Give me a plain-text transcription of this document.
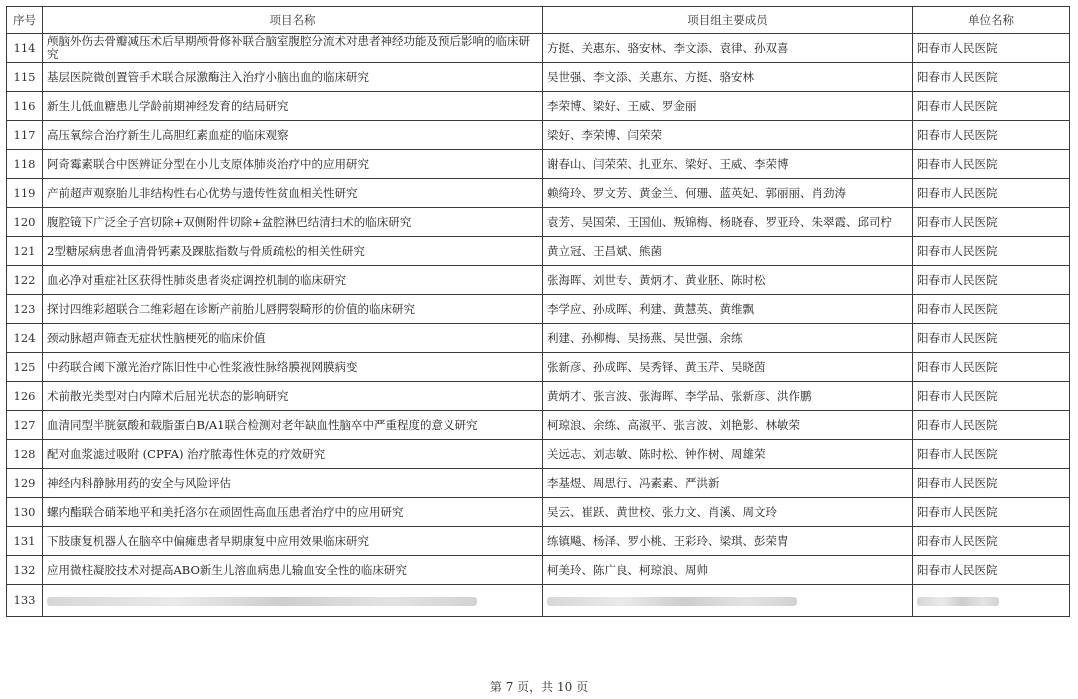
序号	项目名称	项目组主要成员	单位名称
114	颅脑外伤去骨瓣减压术后早期颅骨修补联合脑室腹腔分流术对患者神经功能及预后影响的临床研究	方挺、关惠东、骆安林、李文添、袁律、孙双喜	阳春市人民医院
115	基层医院微创置管手术联合尿激酶注入治疗小脑出血的临床研究	吴世强、李文添、关惠东、方挺、骆安林	阳春市人民医院
116	新生儿低血糖患儿学龄前期神经发育的结局研究	李荣博、梁好、王威、罗金丽	阳春市人民医院
117	高压氧综合治疗新生儿高胆红素血症的临床观察	梁好、李荣博、闫荣荣	阳春市人民医院
118	阿奇霉素联合中医辨证分型在小儿支原体肺炎治疗中的应用研究	谢春山、闫荣荣、扎亚东、梁好、王威、李荣博	阳春市人民医院
119	产前超声观察胎儿非结构性右心优势与遗传性贫血相关性研究	赖绮玲、罗文芳、黄金兰、何珊、蓝英妃、郭丽丽、肖劲涛	阳春市人民医院
120	腹腔镜下广泛全子宫切除+双侧附件切除+盆腔淋巴结清扫术的临床研究	袁芳、吴国荣、王国仙、叛锦梅、杨晓春、罗亚玲、朱翠霞、邱司柠	阳春市人民医院
121	2型糖尿病患者血清骨钙素及踝肱指数与骨质疏松的相关性研究	黄立冠、王昌斌、熊菌	阳春市人民医院
122	血必净对重症社区获得性肺炎患者炎症调控机制的临床研究	张海晖、刘世专、黄炳才、黄业胚、陈时松	阳春市人民医院
123	探讨四维彩超联合二维彩超在诊断产前胎儿唇腭裂畸形的价值的临床研究	李学应、孙成晖、利建、黄慧英、黄维飘	阳春市人民医院
124	颈动脉超声筛查无症状性脑梗死的临床价值	利建、孙柳梅、吴扬燕、吴世强、余练	阳春市人民医院
125	中药联合阈下激光治疗陈旧性中心性浆液性脉络膜视网膜病变	张新彦、孙成晖、吴秀铎、黄玉芹、吴晓茵	阳春市人民医院
126	术前散光类型对白内障术后屈光状态的影响研究	黄炳才、张言波、张海晖、李学品、张新彦、洪作鹏	阳春市人民医院
127	血清同型半胱氨酸和载脂蛋白B/A1联合检测对老年缺血性脑卒中严重程度的意义研究	柯琼浪、余练、高淑平、张言波、刘艳影、林敏荣	阳春市人民医院
128	配对血浆滤过吸附 (CPFA) 治疗脓毒性休克的疗效研究	关远志、刘志敏、陈时松、钟作树、周雄荣	阳春市人民医院
129	神经内科静脉用药的安全与风险评估	李基煜、周思行、冯素素、严洪新	阳春市人民医院
130	螺内酯联合硝苯地平和美托洛尔在顽固性高血压患者治疗中的应用研究	吴云、崔跃、黄世校、张力文、肖溪、周文玲	阳春市人民医院
131	下肢康复机器人在脑卒中偏瘫患者早期康复中应用效果临床研究	练镇飚、杨泽、罗小桃、王彩玲、梁琪、彭荣胄	阳春市人民医院
132	应用微柱凝胶技术对提高ABO新生儿溶血病患儿输血安全性的临床研究	柯美玲、陈广良、柯琼浪、周帅	阳春市人民医院
133			
第 7 页，共 10 页
